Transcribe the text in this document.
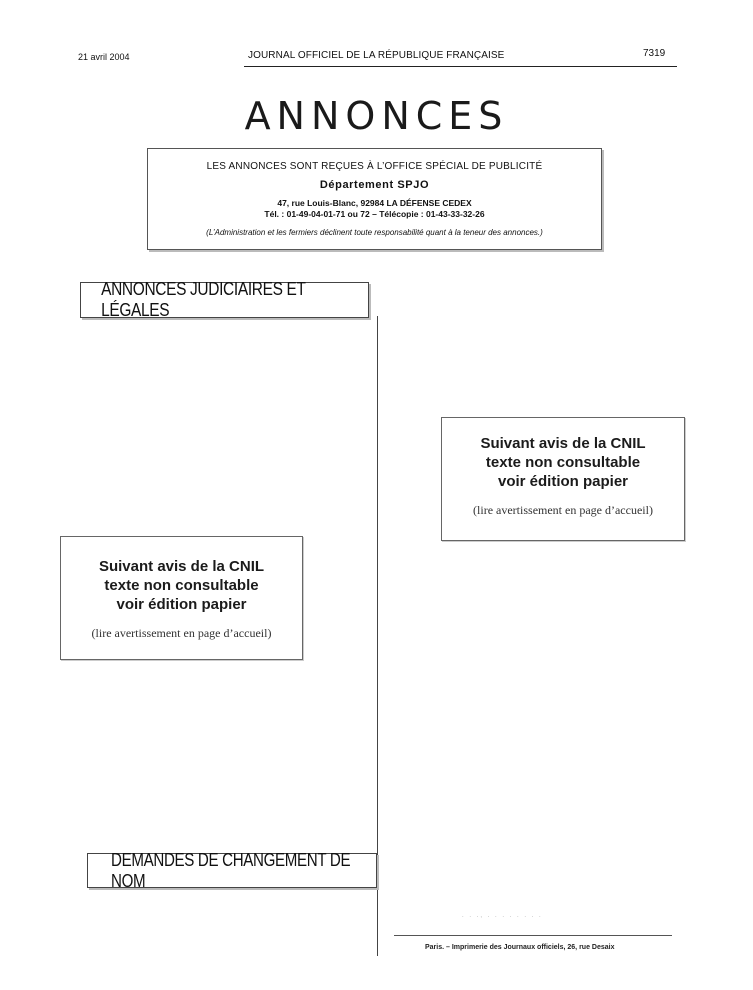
21 avril 2004	JOURNAL OFFICIEL DE LA RÉPUBLIQUE FRANÇAISE	7319
ANNONCES
LES ANNONCES SONT REÇUES À L’OFFICE SPÉCIAL DE PUBLICITÉ
Département SPJO
47, rue Louis-Blanc, 92984 LA DÉFENSE CEDEX
Tél. : 01-49-04-01-71 ou 72 – Télécopie : 01-43-33-32-26
(L’Administration et les fermiers déclinent toute responsabilité quant à la teneur des annonces.)
ANNONCES JUDICIAIRES ET LÉGALES
Suivant avis de la CNIL
texte non consultable
voir édition papier
(lire avertissement en page d’accueil)
Suivant avis de la CNIL
texte non consultable
voir édition papier
(lire avertissement en page d’accueil)
DEMANDES DE CHANGEMENT DE NOM
. . ., . . . . . . . .
Paris. – Imprimerie des Journaux officiels, 26, rue Desaix
